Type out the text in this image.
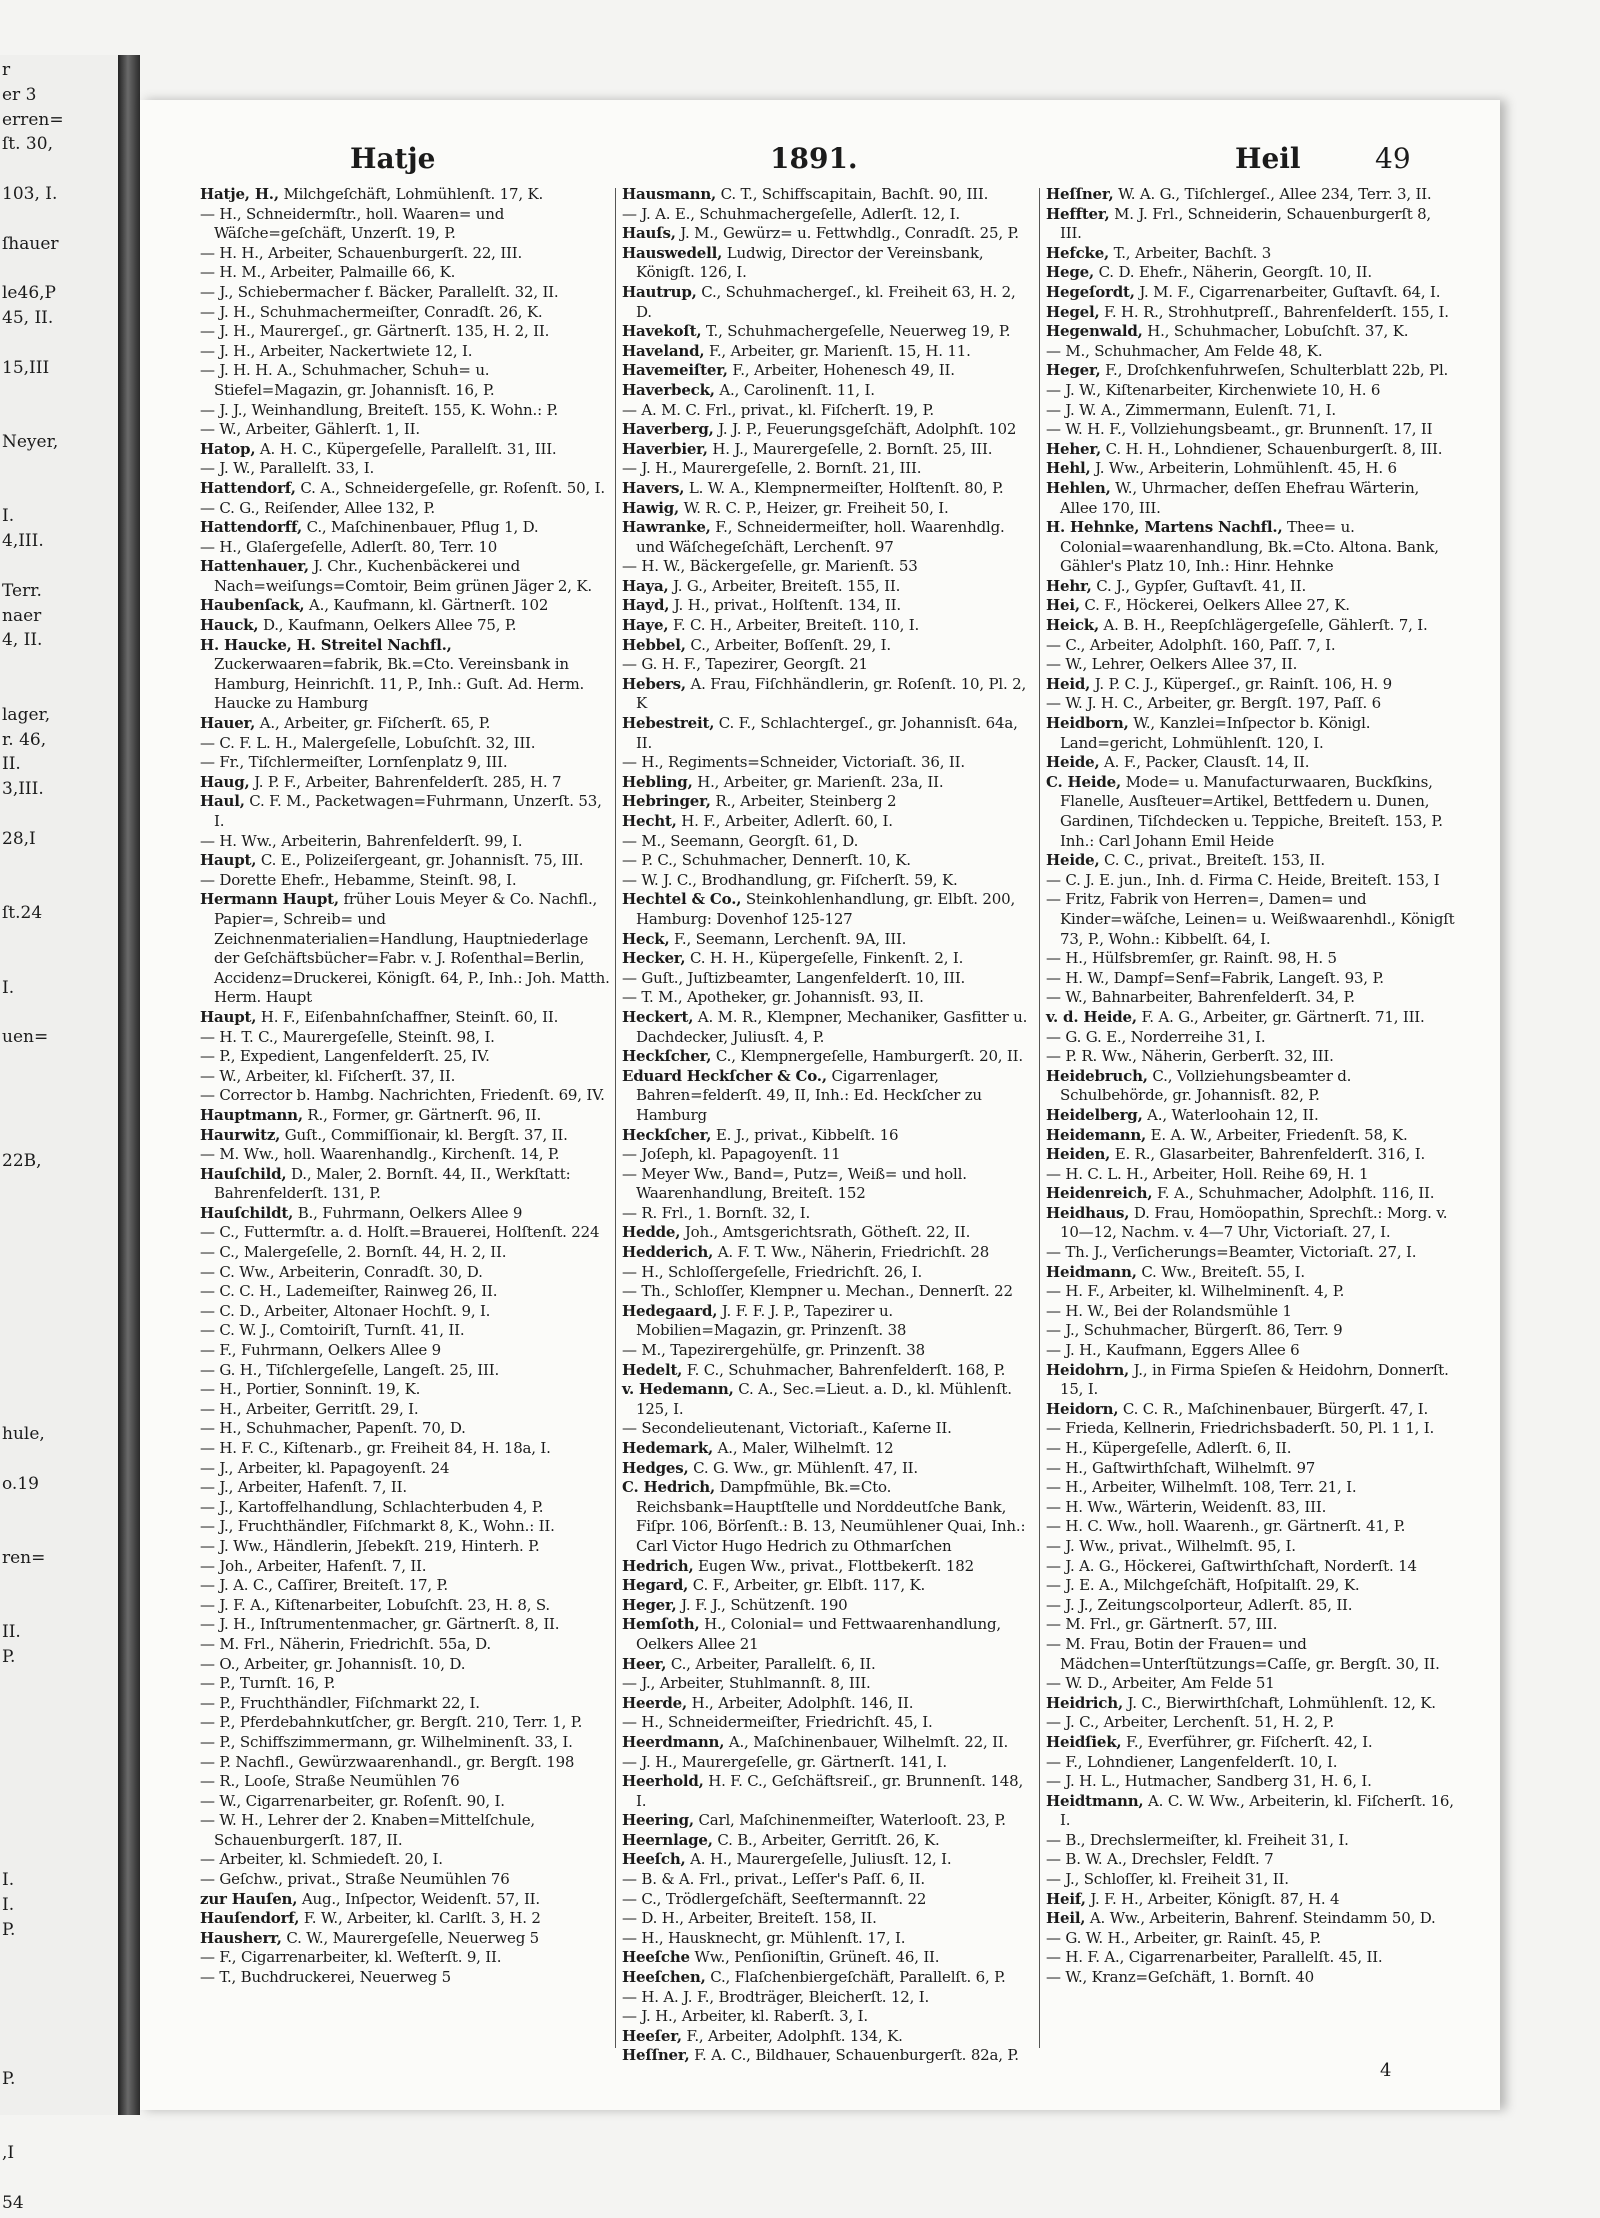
r
er 3
erren=
ſt. 30,
103, I.
ſhauer
le46,P
45, II.
15,III
Neyer,
I.
4,III.
Terr.
naer
4, II.
lager,
r. 46,
II.
3,III.
28,I
ſt.24
I.
uen=
22B,
hule,
o.19
ren=
II.
P.
I.
I.
P.
P.
,I
54
Hatje	1891.	Heil	49

Hatje, H., Milchgeſchäft, Lohmühlenſt. 17, K.

— H., Schneidermſtr., holl. Waaren= und Wäſche=geſchäft, Unzerſt. 19, P.

— H. H., Arbeiter, Schauenburgerſt. 22, III.

— H. M., Arbeiter, Palmaille 66, K.

— J., Schiebermacher f. Bäcker, Parallelſt. 32, II.

— J. H., Schuhmachermeiſter, Conradſt. 26, K.

— J. H., Maurergeſ., gr. Gärtnerſt. 135, H. 2, II.

— J. H., Arbeiter, Nackertwiete 12, I.

— J. H. H. A., Schuhmacher, Schuh= u. Stiefel=Magazin, gr. Johannisſt. 16, P.

— J. J., Weinhandlung, Breiteſt. 155, K. Wohn.: P.

— W., Arbeiter, Gählerſt. 1, II.

Hatop, A. H. C., Küpergeſelle, Parallelſt. 31, III.

— J. W., Parallelſt. 33, I.

Hattendorf, C. A., Schneidergeſelle, gr. Roſenſt. 50, I.

— C. G., Reiſender, Allee 132, P.

Hattendorff, C., Maſchinenbauer, Pflug 1, D.

— H., Glaſergeſelle, Adlerſt. 80, Terr. 10

Hattenhauer, J. Chr., Kuchenbäckerei und Nach=weiſungs=Comtoir, Beim grünen Jäger 2, K.

Haubenſack, A., Kaufmann, kl. Gärtnerſt. 102

Hauck, D., Kaufmann, Oelkers Allee 75, P.

H. Haucke, H. Streitel Nachfl., Zuckerwaaren=fabrik, Bk.=Cto. Vereinsbank in Hamburg, Heinrichſt. 11, P., Inh.: Guſt. Ad. Herm. Haucke zu Hamburg

Hauer, A., Arbeiter, gr. Fiſcherſt. 65, P.

— C. F. L. H., Malergeſelle, Lobuſchſt. 32, III.

— Fr., Tiſchlermeiſter, Lornſenplatz 9, III.

Haug, J. P. F., Arbeiter, Bahrenfelderſt. 285, H. 7

Haul, C. F. M., Packetwagen=Fuhrmann, Unzerſt. 53, I.

— H. Ww., Arbeiterin, Bahrenfelderſt. 99, I.

Haupt, C. E., Polizeiſergeant, gr. Johannisſt. 75, III.

— Dorette Ehefr., Hebamme, Steinſt. 98, I.

Hermann Haupt, früher Louis Meyer & Co. Nachfl., Papier=, Schreib= und Zeichnenmaterialien=Handlung, Hauptniederlage der Geſchäftsbücher=Fabr. v. J. Roſenthal=Berlin, Accidenz=Druckerei, Königſt. 64, P., Inh.: Joh. Matth. Herm. Haupt

Haupt, H. F., Eiſenbahnſchaffner, Steinſt. 60, II.

— H. T. C., Maurergeſelle, Steinſt. 98, I.

— P., Expedient, Langenfelderſt. 25, IV.

— W., Arbeiter, kl. Fiſcherſt. 37, II.

— Corrector b. Hambg. Nachrichten, Friedenſt. 69, IV.

Hauptmann, R., Former, gr. Gärtnerſt. 96, II.

Haurwitz, Guſt., Commiſſionair, kl. Bergſt. 37, II.

— M. Ww., holl. Waarenhandlg., Kirchenſt. 14, P.

Hauſchild, D., Maler, 2. Bornſt. 44, II., Werkſtatt: Bahrenfelderſt. 131, P.

Hauſchildt, B., Fuhrmann, Oelkers Allee 9

— C., Futtermſtr. a. d. Holſt.=Brauerei, Holſtenſt. 224

— C., Malergeſelle, 2. Bornſt. 44, H. 2, II.

— C. Ww., Arbeiterin, Conradſt. 30, D.

— C. C. H., Lademeiſter, Rainweg 26, II.

— C. D., Arbeiter, Altonaer Hochſt. 9, I.

— C. W. J., Comtoiriſt, Turnſt. 41, II.

— F., Fuhrmann, Oelkers Allee 9

— G. H., Tiſchlergeſelle, Langeſt. 25, III.

— H., Portier, Sonninſt. 19, K.

— H., Arbeiter, Gerritſt. 29, I.

— H., Schuhmacher, Papenſt. 70, D.

— H. F. C., Kiſtenarb., gr. Freiheit 84, H. 18a, I.

— J., Arbeiter, kl. Papagoyenſt. 24

— J., Arbeiter, Hafenſt. 7, II.

— J., Kartoffelhandlung, Schlachterbuden 4, P.

— J., Fruchthändler, Fiſchmarkt 8, K., Wohn.: II.

— J. Ww., Händlerin, Jſebekſt. 219, Hinterh. P.

— Joh., Arbeiter, Hafenſt. 7, II.

— J. A. C., Caſſirer, Breiteſt. 17, P.

— J. F. A., Kiſtenarbeiter, Lobuſchſt. 23, H. 8, S.

— J. H., Inſtrumentenmacher, gr. Gärtnerſt. 8, II.

— M. Frl., Näherin, Friedrichſt. 55a, D.

— O., Arbeiter, gr. Johannisſt. 10, D.

— P., Turnſt. 16, P.

— P., Fruchthändler, Fiſchmarkt 22, I.

— P., Pferdebahnkutſcher, gr. Bergſt. 210, Terr. 1, P.

— P., Schiffszimmermann, gr. Wilhelminenſt. 33, I.

— P. Nachfl., Gewürzwaarenhandl., gr. Bergſt. 198

— R., Looſe, Straße Neumühlen 76

— W., Cigarrenarbeiter, gr. Roſenſt. 90, I.

— W. H., Lehrer der 2. Knaben=Mittelſchule, Schauenburgerſt. 187, II.

— Arbeiter, kl. Schmiedeſt. 20, I.

— Geſchw., privat., Straße Neumühlen 76

zur Hauſen, Aug., Inſpector, Weidenſt. 57, II.

Hauſendorf, F. W., Arbeiter, kl. Carlſt. 3, H. 2

Hausherr, C. W., Maurergeſelle, Neuerweg 5

— F., Cigarrenarbeiter, kl. Weſterſt. 9, II.

— T., Buchdruckerei, Neuerweg 5

Hausmann, C. T., Schiffscapitain, Bachſt. 90, III.

— J. A. E., Schuhmachergeſelle, Adlerſt. 12, I.

Hauſs, J. M., Gewürz= u. Fettwhdlg., Conradſt. 25, P.

Hauswedell, Ludwig, Director der Vereinsbank, Königſt. 126, I.

Hautrup, C., Schuhmachergeſ., kl. Freiheit 63, H. 2, D.

Havekoſt, T., Schuhmachergeſelle, Neuerweg 19, P.

Haveland, F., Arbeiter, gr. Marienſt. 15, H. 11.

Havemeiſter, F., Arbeiter, Hohenesch 49, II.

Haverbeck, A., Carolinenſt. 11, I.

— A. M. C. Frl., privat., kl. Fiſcherſt. 19, P.

Haverberg, J. J. P., Feuerungsgeſchäft, Adolphſt. 102

Haverbier, H. J., Maurergeſelle, 2. Bornſt. 25, III.

— J. H., Maurergeſelle, 2. Bornſt. 21, III.

Havers, L. W. A., Klempnermeiſter, Holſtenſt. 80, P.

Hawig, W. R. C. P., Heizer, gr. Freiheit 50, I.

Hawranke, F., Schneidermeiſter, holl. Waarenhdlg. und Wäſchegeſchäft, Lerchenſt. 97

— H. W., Bäckergeſelle, gr. Marienſt. 53

Haya, J. G., Arbeiter, Breiteſt. 155, II.

Hayd, J. H., privat., Holſtenſt. 134, II.

Haye, F. C. H., Arbeiter, Breiteſt. 110, I.

Hebbel, C., Arbeiter, Boſſenſt. 29, I.

— G. H. F., Tapezirer, Georgſt. 21

Hebers, A. Frau, Fiſchhändlerin, gr. Roſenſt. 10, Pl. 2, K

Hebestreit, C. F., Schlachtergeſ., gr. Johannisſt. 64a, II.

— H., Regiments=Schneider, Victoriaſt. 36, II.

Hebling, H., Arbeiter, gr. Marienſt. 23a, II.

Hebringer, R., Arbeiter, Steinberg 2

Hecht, H. F., Arbeiter, Adlerſt. 60, I.

— M., Seemann, Georgſt. 61, D.

— P. C., Schuhmacher, Dennerſt. 10, K.

— W. J. C., Brodhandlung, gr. Fiſcherſt. 59, K.

Hechtel & Co., Steinkohlenhandlung, gr. Elbſt. 200, Hamburg: Dovenhof 125-127

Heck, F., Seemann, Lerchenſt. 9A, III.

Hecker, C. H. H., Küpergeſelle, Finkenſt. 2, I.

— Guſt., Juſtizbeamter, Langenfelderſt. 10, III.

— T. M., Apotheker, gr. Johannisſt. 93, II.

Heckert, A. M. R., Klempner, Mechaniker, Gasfitter u. Dachdecker, Juliusſt. 4, P.

Heckſcher, C., Klempnergeſelle, Hamburgerſt. 20, II.

Eduard Heckſcher & Co., Cigarrenlager, Bahren=felderſt. 49, II, Inh.: Ed. Heckſcher zu Hamburg

Heckſcher, E. J., privat., Kibbelſt. 16

— Joſeph, kl. Papagoyenſt. 11

— Meyer Ww., Band=, Putz=, Weiß= und holl. Waarenhandlung, Breiteſt. 152

— R. Frl., 1. Bornſt. 32, I.

Hedde, Joh., Amtsgerichtsrath, Götheſt. 22, II.

Hedderich, A. F. T. Ww., Näherin, Friedrichſt. 28

— H., Schloſſergeſelle, Friedrichſt. 26, I.

— Th., Schloſſer, Klempner u. Mechan., Dennerſt. 22

Hedegaard, J. F. F. J. P., Tapezirer u. Mobilien=Magazin, gr. Prinzenſt. 38

— M., Tapezirergehülfe, gr. Prinzenſt. 38

Hedelt, F. C., Schuhmacher, Bahrenfelderſt. 168, P.

v. Hedemann, C. A., Sec.=Lieut. a. D., kl. Mühlenſt. 125, I.

— Secondelieutenant, Victoriaſt., Kaſerne II.

Hedemark, A., Maler, Wilhelmſt. 12

Hedges, C. G. Ww., gr. Mühlenſt. 47, II.

C. Hedrich, Dampfmühle, Bk.=Cto. Reichsbank=Hauptſtelle und Norddeutſche Bank, Fiſpr. 106, Börſenſt.: B. 13, Neumühlener Quai, Inh.: Carl Victor Hugo Hedrich zu Othmarſchen

Hedrich, Eugen Ww., privat., Flottbekerſt. 182

Hegard, C. F., Arbeiter, gr. Elbſt. 117, K.

Heger, J. F. J., Schützenſt. 190

Hemſoth, H., Colonial= und Fettwaarenhandlung, Oelkers Allee 21

Heer, C., Arbeiter, Parallelſt. 6, II.

— J., Arbeiter, Stuhlmannſt. 8, III.

Heerde, H., Arbeiter, Adolphſt. 146, II.

— H., Schneidermeiſter, Friedrichſt. 45, I.

Heerdmann, A., Maſchinenbauer, Wilhelmſt. 22, II.

— J. H., Maurergeſelle, gr. Gärtnerſt. 141, I.

Heerhold, H. F. C., Geſchäftsreiſ., gr. Brunnenſt. 148, I.

Heering, Carl, Maſchinenmeiſter, Waterlooſt. 23, P.

Heernlage, C. B., Arbeiter, Gerritſt. 26, K.

Heeſch, A. H., Maurergeſelle, Juliusſt. 12, I.

— B. & A. Frl., privat., Leſſer's Paſſ. 6, II.

— C., Trödlergeſchäft, Seeſtermannſt. 22

— D. H., Arbeiter, Breiteſt. 158, II.

— H., Hausknecht, gr. Mühlenſt. 17, I.

Heeſche Ww., Penſioniſtin, Grüneſt. 46, II.

Heeſchen, C., Flaſchenbiergeſchäft, Parallelſt. 6, P.

— H. A. J. F., Brodträger, Bleicherſt. 12, I.

— J. H., Arbeiter, kl. Raberſt. 3, I.

Heeſer, F., Arbeiter, Adolphſt. 134, K.

Heſſner, F. A. C., Bildhauer, Schauenburgerſt. 82a, P.

Heſſner, W. A. G., Tiſchlergeſ., Allee 234, Terr. 3, II.

Heffter, M. J. Frl., Schneiderin, Schauenburgerſt 8, III.

Hefcke, T., Arbeiter, Bachſt. 3

Hege, C. D. Ehefr., Näherin, Georgſt. 10, II.

Hegeſordt, J. M. F., Cigarrenarbeiter, Guſtavſt. 64, I.

Hegel, F. H. R., Strohhutpreſſ., Bahrenfelderſt. 155, I.

Hegenwald, H., Schuhmacher, Lobuſchſt. 37, K.

— M., Schuhmacher, Am Felde 48, K.

Heger, F., Droſchkenfuhrweſen, Schulterblatt 22b, Pl.

— J. W., Kiſtenarbeiter, Kirchenwiete 10, H. 6

— J. W. A., Zimmermann, Eulenſt. 71, I.

— W. H. F., Vollziehungsbeamt., gr. Brunnenſt. 17, II

Heher, C. H. H., Lohndiener, Schauenburgerſt. 8, III.

Hehl, J. Ww., Arbeiterin, Lohmühlenſt. 45, H. 6

Hehlen, W., Uhrmacher, deſſen Ehefrau Wärterin, Allee 170, III.

H. Hehnke, Martens Nachfl., Thee= u. Colonial=waarenhandlung, Bk.=Cto. Altona. Bank, Gähler's Platz 10, Inh.: Hinr. Hehnke

Hehr, C. J., Gypſer, Guſtavſt. 41, II.

Hei, C. F., Höckerei, Oelkers Allee 27, K.

Heick, A. B. H., Reepſchlägergeſelle, Gählerſt. 7, I.

— C., Arbeiter, Adolphſt. 160, Paſſ. 7, I.

— W., Lehrer, Oelkers Allee 37, II.

Heid, J. P. C. J., Küpergeſ., gr. Rainſt. 106, H. 9

— W. J. H. C., Arbeiter, gr. Bergſt. 197, Paſſ. 6

Heidborn, W., Kanzlei=Inſpector b. Königl. Land=gericht, Lohmühlenſt. 120, I.

Heide, A. F., Packer, Clausſt. 14, II.

C. Heide, Mode= u. Manufacturwaaren, Buckſkins, Flanelle, Ausſteuer=Artikel, Bettfedern u. Dunen, Gardinen, Tiſchdecken u. Teppiche, Breiteſt. 153, P. Inh.: Carl Johann Emil Heide

Heide, C. C., privat., Breiteſt. 153, II.

— C. J. E. jun., Inh. d. Firma C. Heide, Breiteſt. 153, I

— Fritz, Fabrik von Herren=, Damen= und Kinder=wäſche, Leinen= u. Weißwaarenhdl., Königſt 73, P., Wohn.: Kibbelſt. 64, I.

— H., Hülfsbremſer, gr. Rainſt. 98, H. 5

— H. W., Dampf=Senf=Fabrik, Langeſt. 93, P.

— W., Bahnarbeiter, Bahrenfelderſt. 34, P.

v. d. Heide, F. A. G., Arbeiter, gr. Gärtnerſt. 71, III.

— G. G. E., Norderreihe 31, I.

— P. R. Ww., Näherin, Gerberſt. 32, III.

Heidebruch, C., Vollziehungsbeamter d. Schulbehörde, gr. Johannisſt. 82, P.

Heidelberg, A., Waterloohain 12, II.

Heidemann, E. A. W., Arbeiter, Friedenſt. 58, K.

Heiden, E. R., Glasarbeiter, Bahrenfelderſt. 316, I.

— H. C. L. H., Arbeiter, Holl. Reihe 69, H. 1

Heidenreich, F. A., Schuhmacher, Adolphſt. 116, II.

Heidhaus, D. Frau, Homöopathin, Sprechſt.: Morg. v. 10—12, Nachm. v. 4—7 Uhr, Victoriaſt. 27, I.

— Th. J., Verſicherungs=Beamter, Victoriaſt. 27, I.

Heidmann, C. Ww., Breiteſt. 55, I.

— H. F., Arbeiter, kl. Wilhelminenſt. 4, P.

— H. W., Bei der Rolandsmühle 1

— J., Schuhmacher, Bürgerſt. 86, Terr. 9

— J. H., Kaufmann, Eggers Allee 6

Heidohrn, J., in Firma Spieſen & Heidohrn, Donnerſt. 15, I.

Heidorn, C. C. R., Maſchinenbauer, Bürgerſt. 47, I.

— Frieda, Kellnerin, Friedrichsbaderſt. 50, Pl. 1 1, I.

— H., Küpergeſelle, Adlerſt. 6, II.

— H., Gaſtwirthſchaft, Wilhelmſt. 97

— H., Arbeiter, Wilhelmſt. 108, Terr. 21, I.

— H. Ww., Wärterin, Weidenſt. 83, III.

— H. C. Ww., holl. Waarenh., gr. Gärtnerſt. 41, P.

— J. Ww., privat., Wilhelmſt. 95, I.

— J. A. G., Höckerei, Gaſtwirthſchaft, Norderſt. 14

— J. E. A., Milchgeſchäft, Hoſpitalſt. 29, K.

— J. J., Zeitungscolporteur, Adlerſt. 85, II.

— M. Frl., gr. Gärtnerſt. 57, III.

— M. Frau, Botin der Frauen= und Mädchen=Unterſtützungs=Caſſe, gr. Bergſt. 30, II.

— W. D., Arbeiter, Am Felde 51

Heidrich, J. C., Bierwirthſchaft, Lohmühlenſt. 12, K.

— J. C., Arbeiter, Lerchenſt. 51, H. 2, P.

Heidſiek, F., Everführer, gr. Fiſcherſt. 42, I.

— F., Lohndiener, Langenfelderſt. 10, I.

— J. H. L., Hutmacher, Sandberg 31, H. 6, I.

Heidtmann, A. C. W. Ww., Arbeiterin, kl. Fiſcherſt. 16, I.

— B., Drechslermeiſter, kl. Freiheit 31, I.

— B. W. A., Drechsler, Feldſt. 7

— J., Schloſſer, kl. Freiheit 31, II.

Heif, J. F. H., Arbeiter, Königſt. 87, H. 4

Heil, A. Ww., Arbeiterin, Bahrenf. Steindamm 50, D.

— G. W. H., Arbeiter, gr. Rainſt. 45, P.

— H. F. A., Cigarrenarbeiter, Parallelſt. 45, II.

— W., Kranz=Geſchäft, 1. Bornſt. 40

4
